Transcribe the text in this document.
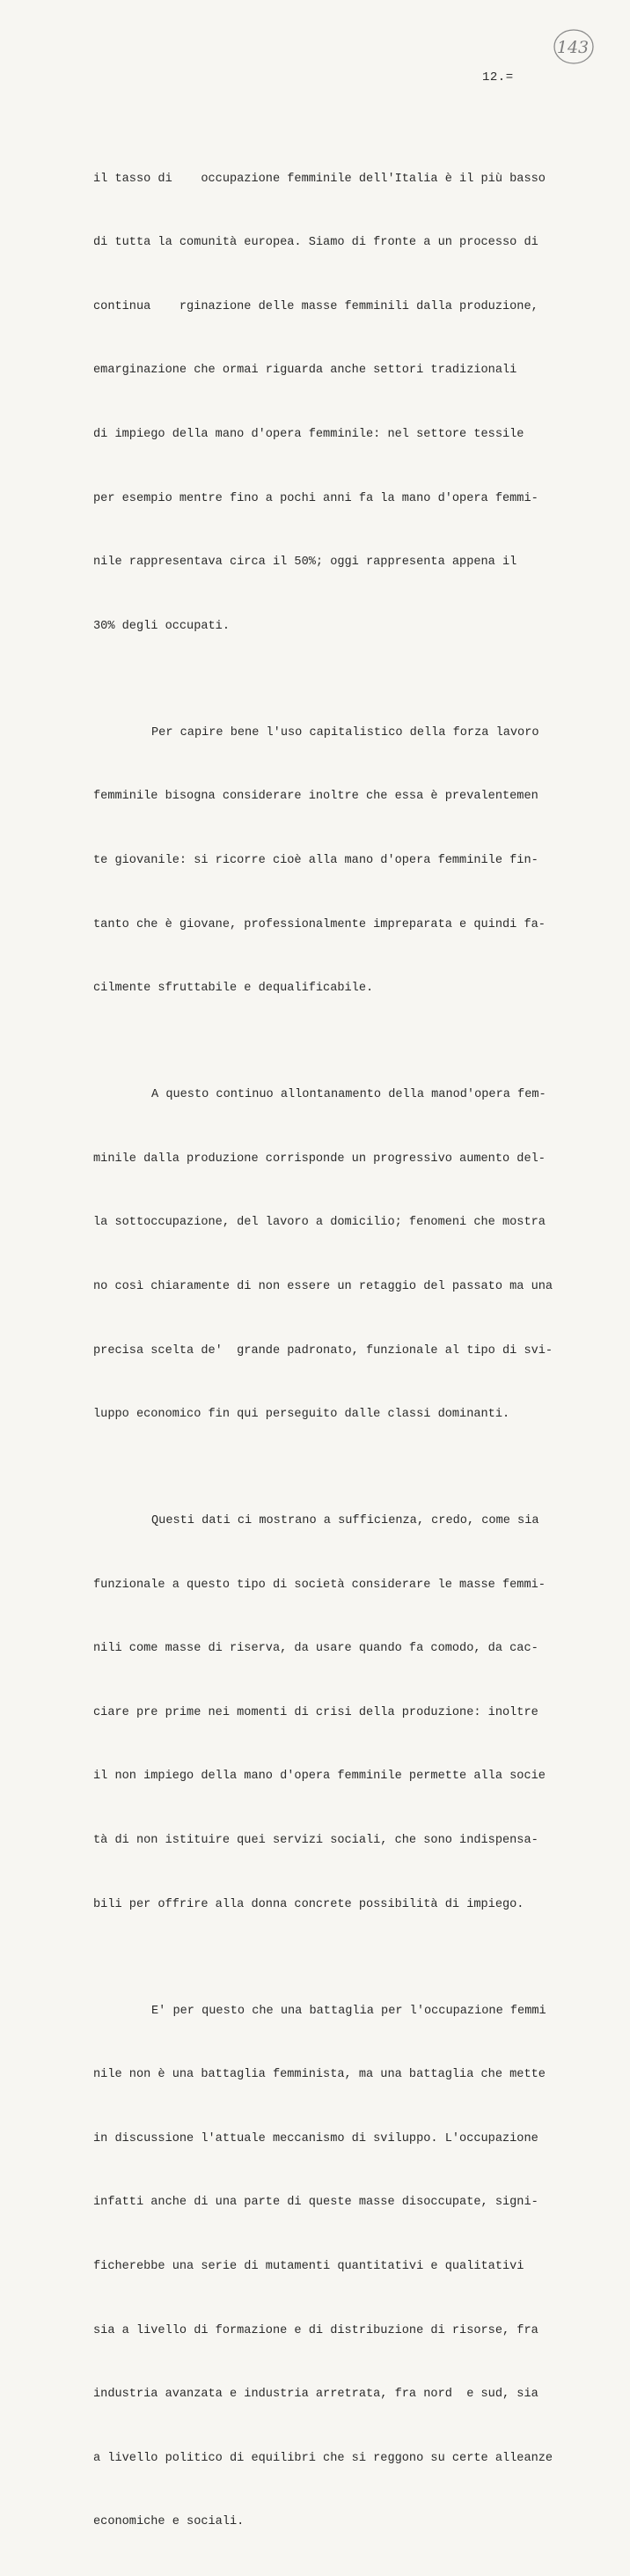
143
12.=

il tasso di    occupazione femminile dell'Italia è il più basso

di tutta la comunità europea. Siamo di fronte a un processo di

continua    rginazione delle masse femminili dalla produzione,

emarginazione che ormai riguarda anche settori tradizionali

di impiego della mano d'opera femminile: nel settore tessile

per esempio mentre fino a pochi anni fa la mano d'opera femmi-

nile rappresentava circa il 50%; oggi rappresenta appena il

30% degli occupati.

Per capire bene l'uso capitalistico della forza lavoro

femminile bisogna considerare inoltre che essa è prevalentemen

te giovanile: si ricorre cioè alla mano d'opera femminile fin-

tanto che è giovane, professionalmente impreparata e quindi fa-

cilmente sfruttabile e dequalificabile.

A questo continuo allontanamento della manod'opera fem-

minile dalla produzione corrisponde un progressivo aumento del-

la sottoccupazione, del lavoro a domicilio; fenomeni che mostra

no così chiaramente di non essere un retaggio del passato ma una

precisa scelta de'  grande padronato, funzionale al tipo di svi-

luppo economico fin qui perseguito dalle classi dominanti.

Questi dati ci mostrano a sufficienza, credo, come sia

funzionale a questo tipo di società considerare le masse femmi-

nili come masse di riserva, da usare quando fa comodo, da cac-

ciare pre prime nei momenti di crisi della produzione: inoltre

il non impiego della mano d'opera femminile permette alla socie

tà di non istituire quei servizi sociali, che sono indispensa-

bili per offrire alla donna concrete possibilità di impiego.

E' per questo che una battaglia per l'occupazione femmi

nile non è una battaglia femminista, ma una battaglia che mette

in discussione l'attuale meccanismo di sviluppo. L'occupazione

infatti anche di una parte di queste masse disoccupate, signi-

ficherebbe una serie di mutamenti quantitativi e qualitativi

sia a livello di formazione e di distribuzione di risorse, fra

industria avanzata e industria arretrata, fra nord  e sud, sia

a livello politico di equilibri che si reggono su certe alleanze

economiche e sociali.
